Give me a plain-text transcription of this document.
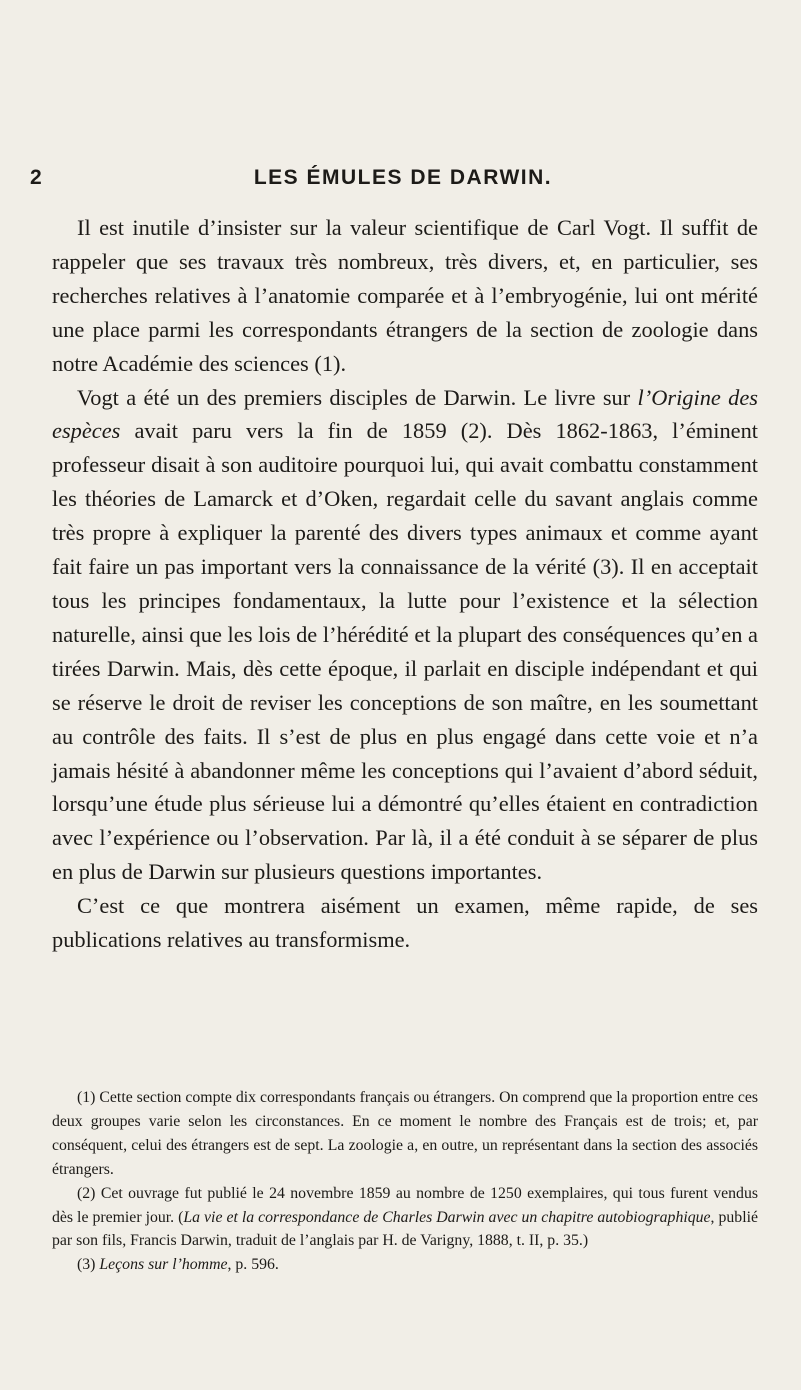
2	LES ÉMULES DE DARWIN.

Il est inutile d’insister sur la valeur scientifique de Carl Vogt. Il suffit de rappeler que ses travaux très nombreux, très divers, et, en particulier, ses recherches relatives à l’anatomie comparée et à l’embryogénie, lui ont mérité une place parmi les correspondants étrangers de la section de zoologie dans notre Académie des sciences (1).

Vogt a été un des premiers disciples de Darwin. Le livre sur l’Origine des espèces avait paru vers la fin de 1859 (2). Dès 1862-1863, l’éminent professeur disait à son auditoire pourquoi lui, qui avait combattu constamment les théories de Lamarck et d’Oken, regardait celle du savant anglais comme très propre à expliquer la parenté des divers types animaux et comme ayant fait faire un pas important vers la connaissance de la vérité (3). Il en acceptait tous les principes fondamentaux, la lutte pour l’existence et la sélection naturelle, ainsi que les lois de l’hérédité et la plupart des conséquences qu’en a tirées Darwin. Mais, dès cette époque, il parlait en disciple indépendant et qui se réserve le droit de reviser les conceptions de son maître, en les soumettant au contrôle des faits. Il s’est de plus en plus engagé dans cette voie et n’a jamais hésité à abandonner même les conceptions qui l’avaient d’abord séduit, lorsqu’une étude plus sérieuse lui a démontré qu’elles étaient en contradiction avec l’expérience ou l’observation. Par là, il a été conduit à se séparer de plus en plus de Darwin sur plusieurs questions importantes.

C’est ce que montrera aisément un examen, même rapide, de ses publications relatives au transformisme.

(1) Cette section compte dix correspondants français ou étrangers. On comprend que la proportion entre ces deux groupes varie selon les circonstances. En ce moment le nombre des Français est de trois; et, par conséquent, celui des étrangers est de sept. La zoologie a, en outre, un représentant dans la section des associés étrangers.

(2) Cet ouvrage fut publié le 24 novembre 1859 au nombre de 1250 exemplaires, qui tous furent vendus dès le premier jour. (La vie et la correspondance de Charles Darwin avec un chapitre autobiographique, publié par son fils, Francis Darwin, traduit de l’anglais par H. de Varigny, 1888, t. II, p. 35.)

(3) Leçons sur l’homme, p. 596.
